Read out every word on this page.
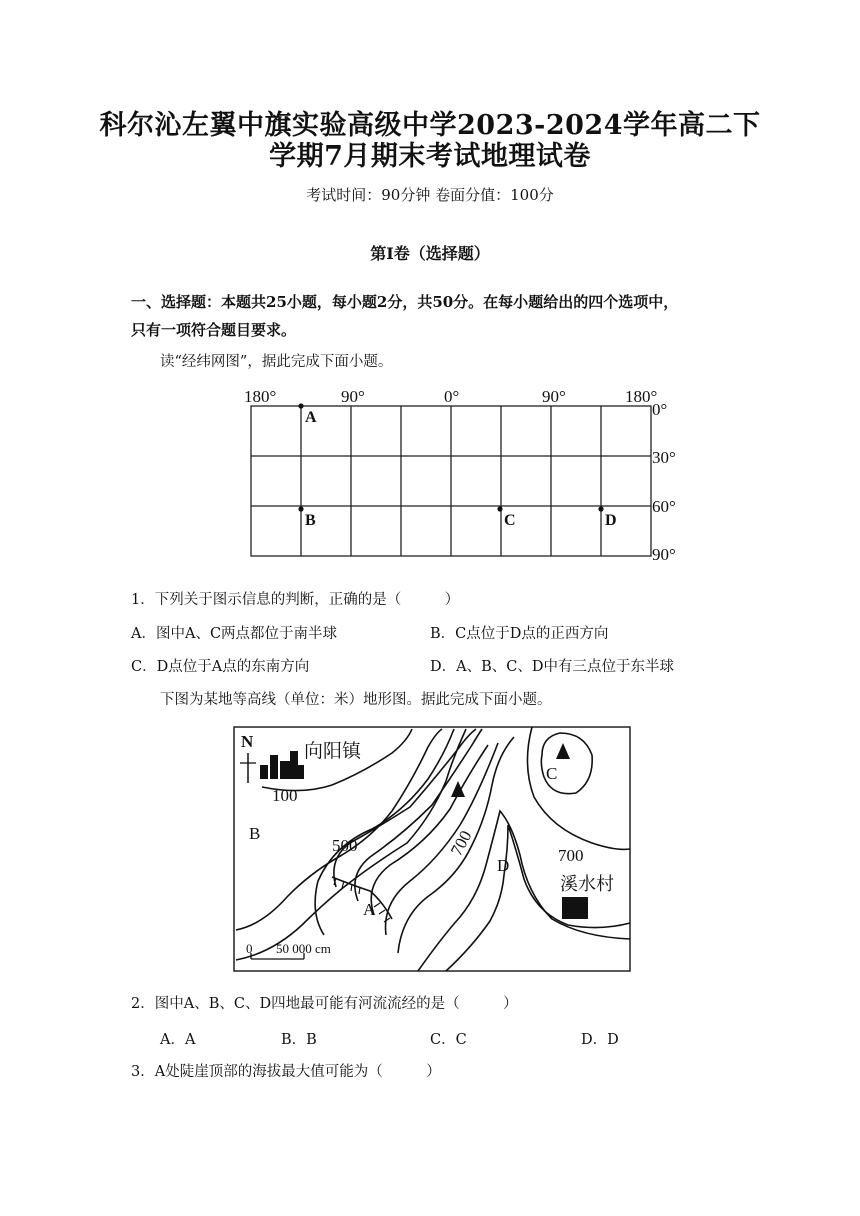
科尔沁左翼中旗实验高级中学2023-2024学年高二下
学期7月期末考试地理试卷
考试时间：90分钟 卷面分值：100分
第Ⅰ卷（选择题）
一、选择题：本题共25小题，每小题2分，共50分。在每小题给出的四个选项中，
只有一项符合题目要求。
读“经纬网图”，据此完成下面小题。
180°	90°	0°	90°	180°
0°
30°
60°
90°
A
B	C	D
1．下列关于图示信息的判断，正确的是（　　　）
A．图中A、C两点都位于南半球	B．C点位于D点的正西方向
C．D点位于A点的东南方向	D．A、B、C、D中有三点位于东半球
下图为某地等高线（单位：米）地形图。据此完成下面小题。
N	向阳镇
100
500	700	700
溪水村
A
B
C
D
0 50 000 cm
2．图中A、B、C、D四地最可能有河流流经的是（　　　）
A．A	B．B	C．C	D．D
3．A处陡崖顶部的海拔最大值可能为（　　　）
